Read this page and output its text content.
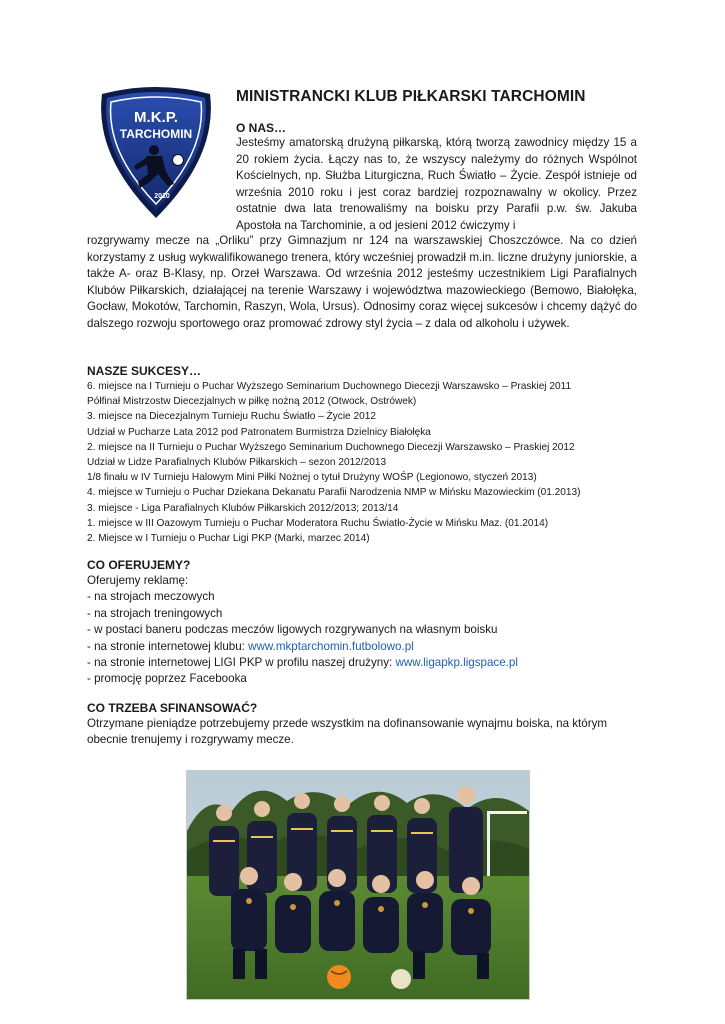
M.K.P.
TARCHOMIN
2010
MINISTRANCKI KLUB PIŁKARSKI TARCHOMIN
O NAS…

Jesteśmy amatorską drużyną piłkarską, którą tworzą zawodnicy między 15 a 20 rokiem życia. Łączy nas to, że wszyscy należymy do różnych Wspólnot Kościelnych, np. Służba Liturgiczna, Ruch Światło – Życie. Zespół istnieje od września 2010 roku i jest coraz bardziej rozpoznawalny w okolicy. Przez ostatnie dwa lata trenowaliśmy na boisku przy Parafii p.w. św. Jakuba Apostoła na Tarchominie, a od jesieni 2012 ćwiczymy i

rozgrywamy mecze na „Orliku” przy Gimnazjum nr 124 na warszawskiej Choszczówce. Na co dzień korzystamy z usług wykwalifikowanego trenera, który wcześniej prowadził m.in. liczne drużyny juniorskie, a także A- oraz B-Klasy, np. Orzeł Warszawa. Od września 2012 jesteśmy uczestnikiem Ligi Parafialnych Klubów Piłkarskich, działającej na terenie Warszawy i województwa mazowieckiego (Bemowo, Białołęka, Gocław, Mokotów, Tarchomin, Raszyn, Wola, Ursus). Odnosimy coraz więcej sukcesów i chcemy dążyć do dalszego rozwoju sportowego oraz promować zdrowy styl życia – z dala od alkoholu i używek.

NASZE SUKCESY…
6. miejsce na I Turnieju o Puchar Wyższego Seminarium Duchownego Diecezji Warszawsko – Praskiej 2011
Półfinał Mistrzostw Diecezjalnych w piłkę nożną 2012 (Otwock, Ostrówek)
3. miejsce na Diecezjalnym Turnieju Ruchu Światło – Życie 2012
Udział w Pucharze Lata 2012 pod Patronatem Burmistrza Dzielnicy Białołęka
2. miejsce na II Turnieju o Puchar Wyższego Seminarium Duchownego Diecezji Warszawsko – Praskiej 2012
Udział w Lidze Parafialnych Klubów Piłkarskich – sezon 2012/2013
1/8 finału w IV Turnieju Halowym Mini Piłki Nożnej o tytuł Drużyny WOŚP (Legionowo, styczeń 2013)
4. miejsce w Turnieju o Puchar Dziekana Dekanatu Parafii Narodzenia NMP w Mińsku Mazowieckim (01.2013)
3. miejsce - Liga Parafialnych Klubów Piłkarskich 2012/2013; 2013/14
1. miejsce w III Oazowym Turnieju o Puchar Moderatora Ruchu Światło-Życie w Mińsku Maz. (01.2014)
2. Miejsce w I Turnieju o Puchar Ligi PKP (Marki, marzec 2014)
CO OFERUJEMY?
Oferujemy reklamę:
- na strojach meczowych
- na strojach treningowych
- w postaci baneru podczas meczów ligowych rozgrywanych na własnym boisku
- na stronie internetowej klubu: www.mkptarchomin.futbolowo.pl
- na stronie internetowej LIGI PKP w profilu naszej drużyny: www.ligapkp.ligspace.pl
- promocję poprzez Facebooka
CO TRZEBA SFINANSOWAĆ?

Otrzymane pieniądze potrzebujemy przede wszystkim na dofinansowanie wynajmu boiska, na którym obecnie trenujemy i rozgrywamy mecze.
